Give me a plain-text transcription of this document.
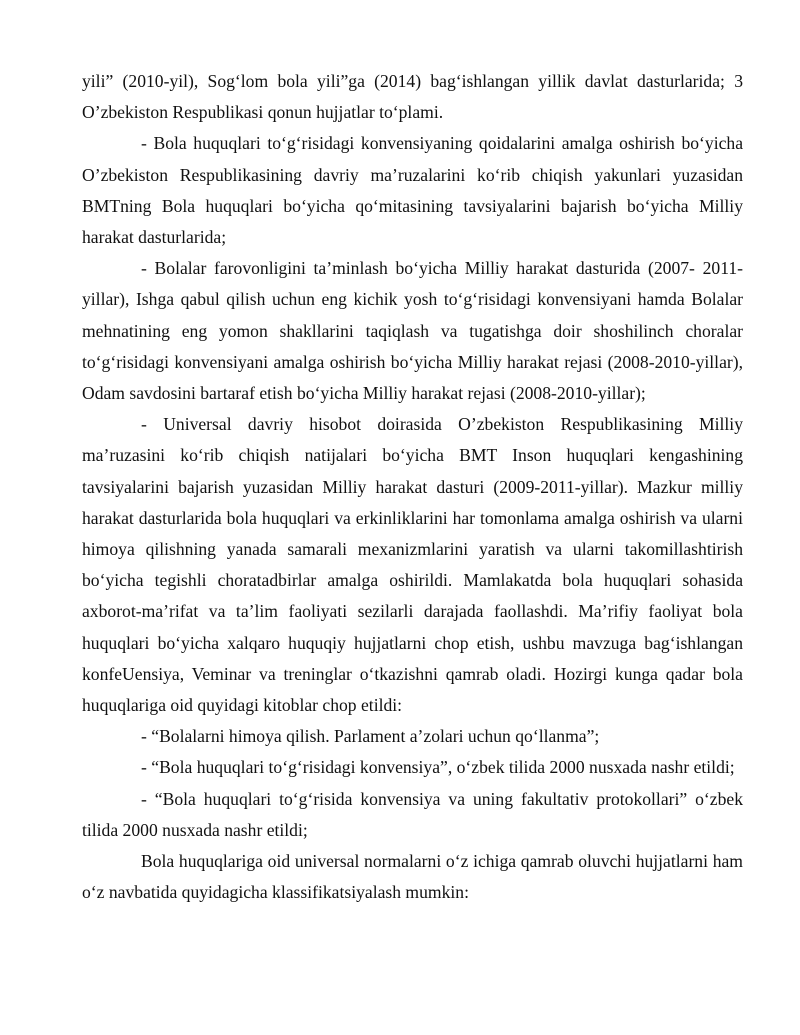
yili” (2010-yil), Sog‘lom bola yili”ga (2014) bag‘ishlangan yillik davlat dasturlarida; 3 O’zbekiston Respublikasi qonun hujjatlar to‘plami.

- Bola huquqlari to‘g‘risidagi konvensiyaning qoidalarini amalga oshirish bo‘yicha O’zbekiston Respublikasining davriy ma’ruzalarini ko‘rib chiqish yakunlari yuzasidan BMTning Bola huquqlari bo‘yicha qo‘mitasining tavsiyalarini bajarish bo‘yicha Milliy harakat dasturlarida;

- Bolalar farovonligini ta’minlash bo‘yicha Milliy harakat dasturida (2007- 2011-yillar), Ishga qabul qilish uchun eng kichik yosh to‘g‘risidagi konvensiyani hamda Bolalar mehnatining eng yomon shakllarini taqiqlash va tugatishga doir shoshilinch choralar to‘g‘risidagi konvensiyani amalga oshirish bo‘yicha Milliy harakat rejasi (2008-2010-yillar), Odam savdosini bartaraf etish bo‘yicha Milliy harakat rejasi (2008-2010-yillar);

- Universal davriy hisobot doirasida O’zbekiston Respublikasining Milliy ma’ruzasini ko‘rib chiqish natijalari bo‘yicha BMT Inson huquqlari kengashining tavsiyalarini bajarish yuzasidan Milliy harakat dasturi (2009-2011-yillar). Mazkur milliy harakat dasturlarida bola huquqlari va erkinliklarini har tomonlama amalga oshirish va ularni himoya qilishning yanada samarali mexanizmlarini yaratish va ularni takomillashtirish bo‘yicha tegishli choratadbirlar amalga oshirildi. Mamlakatda bola huquqlari sohasida axborot-ma’rifat va ta’lim faoliyati sezilarli darajada faollashdi. Ma’rifiy faoliyat bola huquqlari bo‘yicha xalqaro huquqiy hujjatlarni chop etish, ushbu mavzuga bag‘ishlangan konfeUensiya, Veminar va treninglar o‘tkazishni qamrab oladi. Hozirgi kunga qadar bola huquqlariga oid quyidagi kitoblar chop etildi:

- “Bolalarni himoya qilish. Parlament a’zolari uchun qo‘llanma”;

- “Bola huquqlari to‘g‘risidagi konvensiya”, o‘zbek tilida 2000 nusxada nashr etildi;

- “Bola huquqlari to‘g‘risida konvensiya va uning fakultativ protokollari” o‘zbek tilida 2000 nusxada nashr etildi;

Bola huquqlariga oid universal normalarni o‘z ichiga qamrab oluvchi hujjatlarni ham o‘z navbatida quyidagicha klassifikatsiyalash mumkin:
